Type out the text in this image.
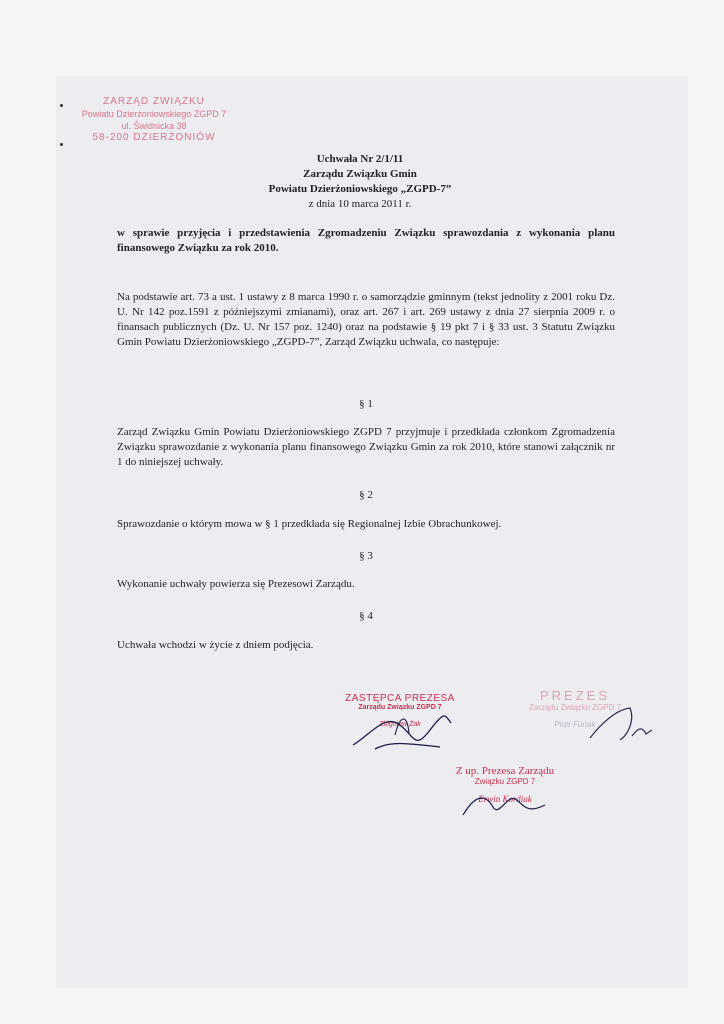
ZARZĄD ZWIĄZKU
Powiatu Dzierżoniowskiego ZGPD 7
ul. Świdnicka 38
58-200 DZIERŻONIÓW
Uchwała Nr 2/1/11
Zarządu Związku Gmin
Powiatu Dzierżoniowskiego „ZGPD-7”
z dnia 10 marca 2011 r.
w sprawie przyjęcia i przedstawienia Zgromadzeniu Związku sprawozdania z wykonania planu finansowego Związku za rok 2010.
Na podstawie art. 73 a ust. 1 ustawy z 8 marca 1990 r. o samorządzie gminnym (tekst jednolity z 2001 roku Dz. U. Nr 142 poz.1591 z późniejszymi zmianami), oraz art. 267 i art. 269 ustawy z dnia 27 sierpnia 2009 r. o finansach publicznych (Dz. U. Nr 157 poz. 1240) oraz na podstawie § 19 pkt 7 i § 33 ust. 3 Statutu Związku Gmin Powiatu Dzierżoniowskiego „ZGPD-7”, Zarząd Związku uchwala, co następuje:
§ 1
Zarząd Związku Gmin Powiatu Dzierżoniowskiego ZGPD 7 przyjmuje i przedkłada członkom Zgromadzenia Związku sprawozdanie z wykonania planu finansowego Związku Gmin za rok 2010, które stanowi załącznik nr 1 do niniejszej uchwały.
§ 2
Sprawozdanie o którym mowa w § 1 przedkłada się Regionalnej Izbie Obrachunkowej.
§ 3
Wykonanie uchwały powierza się Prezesowi Zarządu.
§ 4
Uchwała wchodzi w życie z dniem podjęcia.
ZASTĘPCA PREZESA
Zarządu Związku ZGPD 7
Zbigniew Żak
PREZES
Zarządu Związku ZGPD 7
Piotr Furtak
Z up. Prezesa Zarządu
Związku ZGPD 7
Erwin Kordiak
